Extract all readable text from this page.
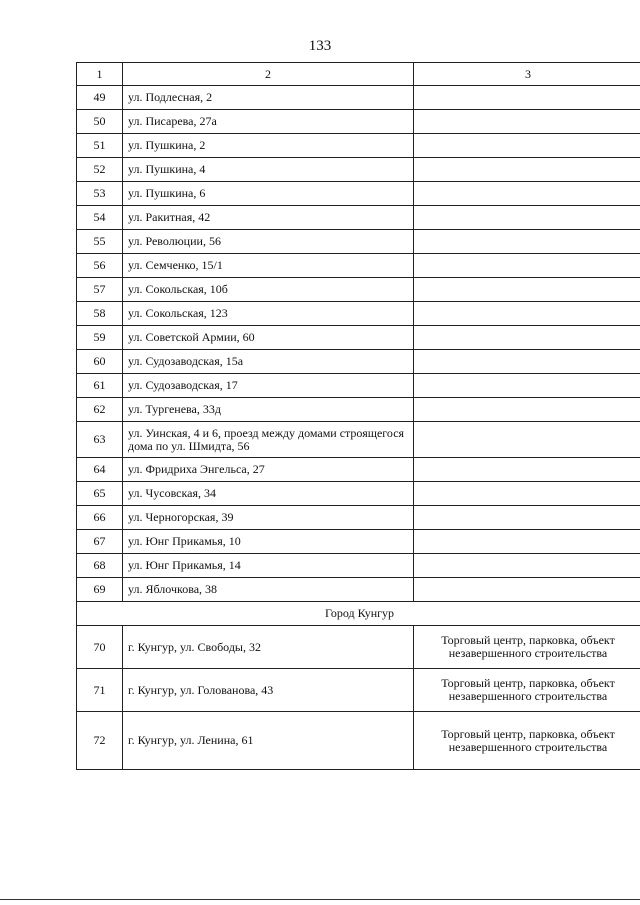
133
1	2	3
49	ул. Подлесная, 2	
50	ул. Писарева, 27а	
51	ул. Пушкина, 2	
52	ул. Пушкина, 4	
53	ул. Пушкина, 6	
54	ул. Ракитная, 42	
55	ул. Революции, 56	
56	ул. Семченко, 15/1	
57	ул. Сокольская, 10б	
58	ул. Сокольская, 123	
59	ул. Советской Армии, 60	
60	ул. Судозаводская, 15а	
61	ул. Судозаводская, 17	
62	ул. Тургенева, 33д	
63	ул. Уинская, 4 и 6, проезд между домами строящегося дома по ул. Шмидта, 56	
64	ул. Фридриха Энгельса, 27	
65	ул. Чусовская, 34	
66	ул. Черногорская, 39	
67	ул. Юнг Прикамья, 10	
68	ул. Юнг Прикамья, 14	
69	ул. Яблочкова, 38	
Город Кунгур		
70	г. Кунгур, ул. Свободы, 32	Торговый центр, парковка, объект незавершенного строительства
71	г. Кунгур, ул. Голованова, 43	Торговый центр, парковка, объект незавершенного строительства
72	г. Кунгур, ул. Ленина, 61	Торговый центр, парковка, объект незавершенного строительства
